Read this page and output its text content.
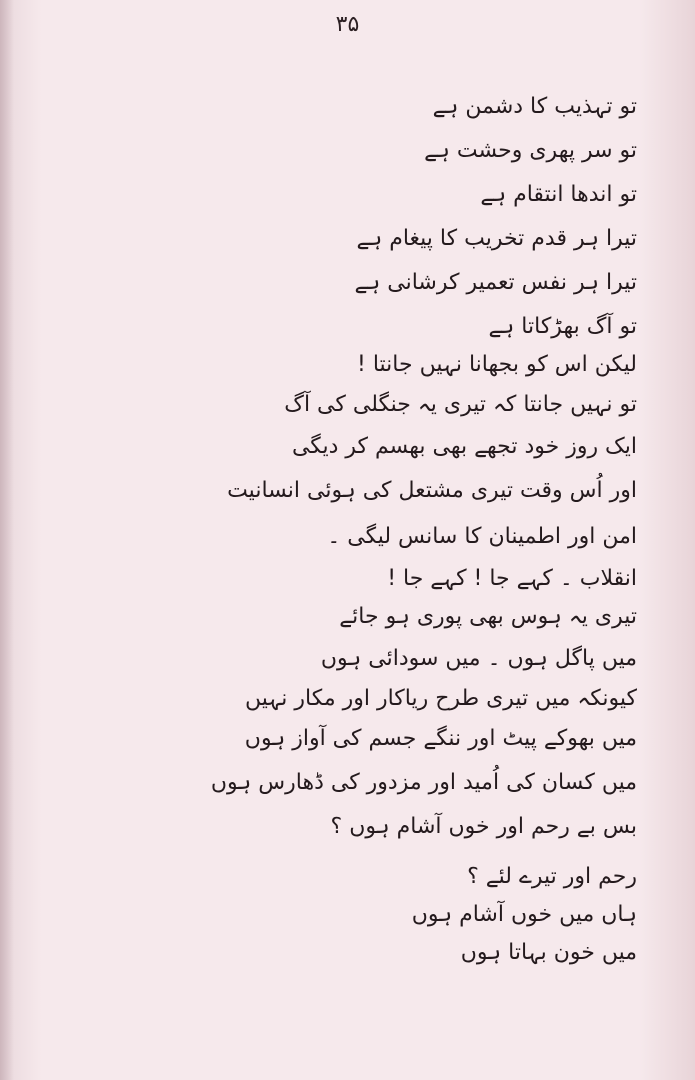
۳۵
تو تہذیب کا دشمن ہے
تو سر پھری وحشت ہے
تو اندھا انتقام ہے
تیرا ہر قدم تخریب کا پیغام ہے
تیرا ہر نفس تعمیر کرشانی ہے
تو آگ بھڑکاتا ہے
لیکن اس کو بجھانا نہیں جانتا !
تو نہیں جانتا کہ تیری یہ جنگلی کی آگ
ایک روز خود تجھے بھی بھسم کر دیگی
اور اُس وقت تیری مشتعل کی ہوئی انسانیت
امن اور اطمینان کا سانس لیگی ۔
انقلاب ۔ کہے جا ! کہے جا !
تیری یہ ہوس بھی پوری ہو جائے
میں پاگل ہوں ۔ میں سودائی ہوں
کیونکہ میں تیری طرح ریاکار اور مکار نہیں
میں بھوکے پیٹ اور ننگے جسم کی آواز ہوں
میں کسان کی اُمید اور مزدور کی ڈھارس ہوں
بس بے رحم اور خوں آشام ہوں ؟
رحم اور تیرے لئے ؟
ہاں میں خوں آشام ہوں
میں خون بہاتا ہوں
